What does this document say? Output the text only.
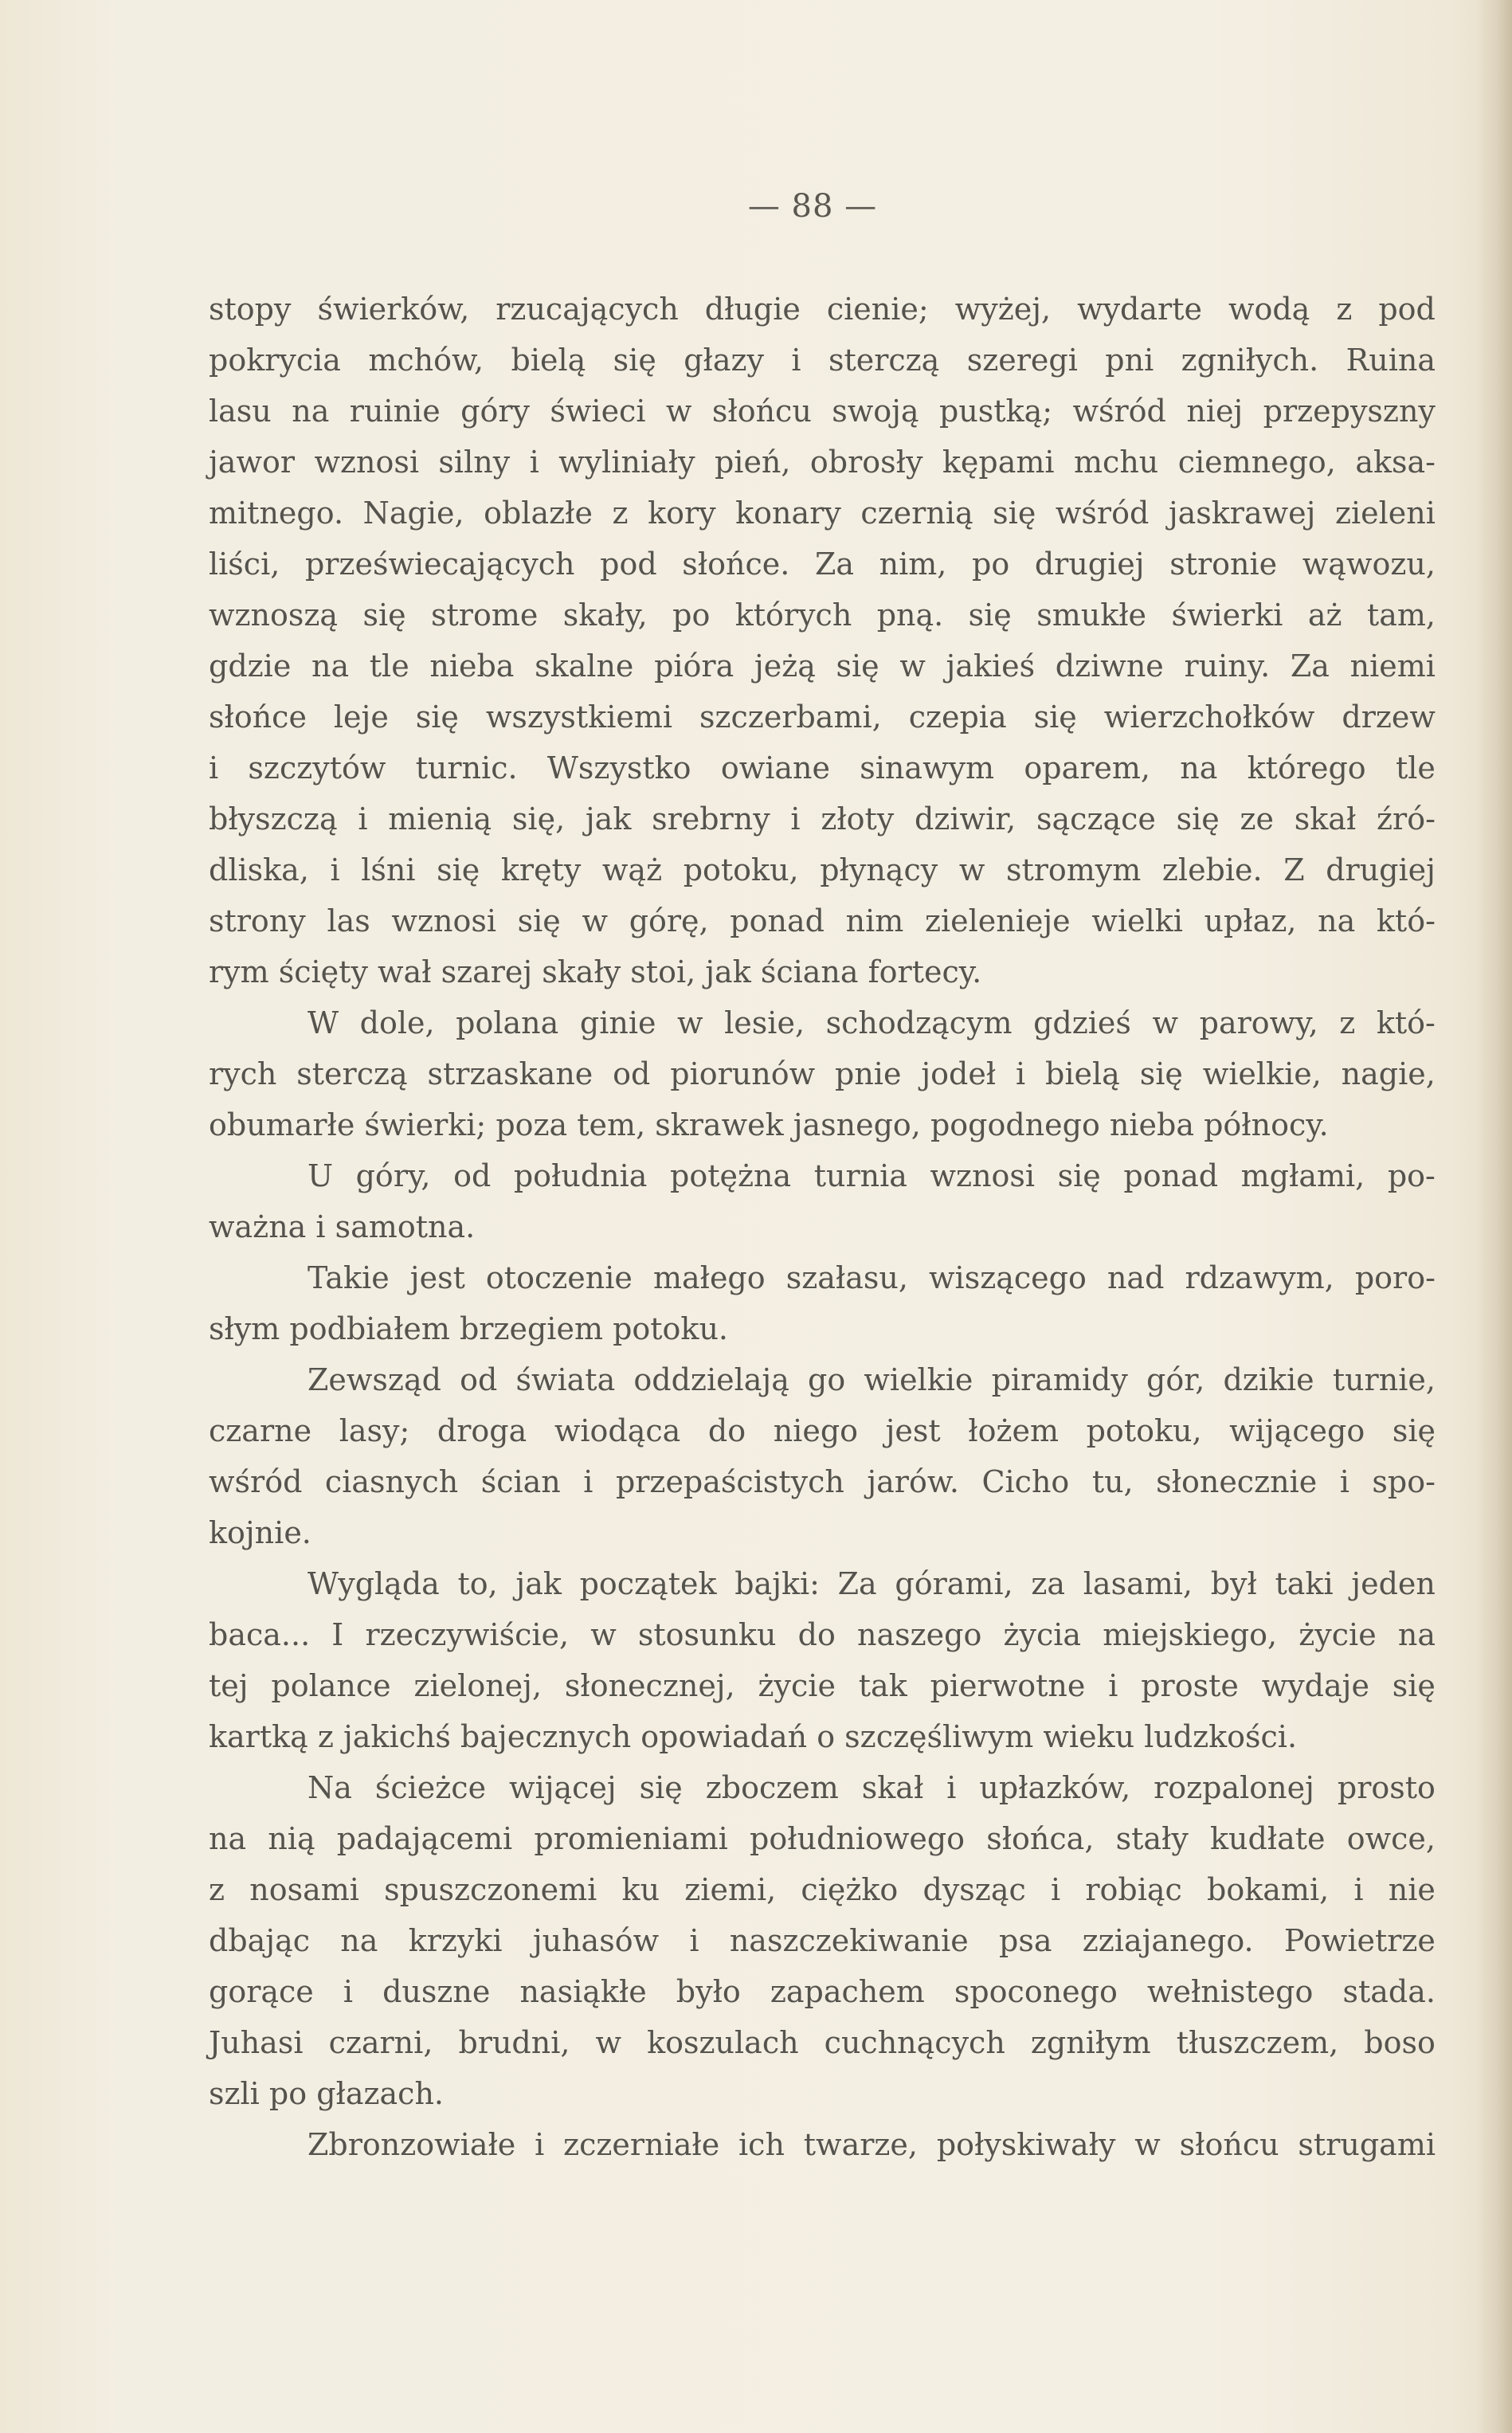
— 88 —

stopy świerków, rzucających długie cienie; wyżej, wydarte wodą z pod
pokrycia mchów, bielą się głazy i sterczą szeregi pni zgniłych. Ruina
lasu na ruinie góry świeci w słońcu swoją pustką; wśród niej przepyszny
jawor wznosi silny i wyliniały pień, obrosły kępami mchu ciemnego, aksa-
mitnego. Nagie, oblazłe z kory konary czernią się wśród jaskrawej zieleni
liści, przeświecających pod słońce. Za nim, po drugiej stronie wąwozu,
wznoszą się strome skały, po których pną. się smukłe świerki aż tam,
gdzie na tle nieba skalne pióra jeżą się w jakieś dziwne ruiny. Za niemi
słońce leje się wszystkiemi szczerbami, czepia się wierzchołków drzew
i szczytów turnic. Wszystko owiane sinawym oparem, na którego tle
błyszczą i mienią się, jak srebrny i złoty dziwir, sączące się ze skał źró-
dliska, i lśni się kręty wąż potoku, płynący w stromym zlebie. Z drugiej
strony las wznosi się w górę, ponad nim zielenieje wielki upłaz, na któ-
rym ścięty wał szarej skały stoi, jak ściana fortecy.
W dole, polana ginie w lesie, schodzącym gdzieś w parowy, z któ-
rych sterczą strzaskane od piorunów pnie jodeł i bielą się wielkie, nagie,
obumarłe świerki; poza tem, skrawek jasnego, pogodnego nieba północy.
U góry, od południa potężna turnia wznosi się ponad mgłami, po-
ważna i samotna.
Takie jest otoczenie małego szałasu, wiszącego nad rdzawym, poro-
słym podbiałem brzegiem potoku.
Zewsząd od świata oddzielają go wielkie piramidy gór, dzikie turnie,
czarne lasy; droga wiodąca do niego jest łożem potoku, wijącego się
wśród ciasnych ścian i przepaścistych jarów. Cicho tu, słonecznie i spo-
kojnie.
Wygląda to, jak początek bajki: Za górami, za lasami, był taki jeden
baca... I rzeczywiście, w stosunku do naszego życia miejskiego, życie na
tej polance zielonej, słonecznej, życie tak pierwotne i proste wydaje się
kartką z jakichś bajecznych opowiadań o szczęśliwym wieku ludzkości.
Na ścieżce wijącej się zboczem skał i upłazków, rozpalonej prosto
na nią padającemi promieniami południowego słońca, stały kudłate owce,
z nosami spuszczonemi ku ziemi, ciężko dysząc i robiąc bokami, i nie
dbając na krzyki juhasów i naszczekiwanie psa zziajanego. Powietrze
gorące i duszne nasiąkłe było zapachem spoconego wełnistego stada.
Juhasi czarni, brudni, w koszulach cuchnących zgniłym tłuszczem, boso
szli po głazach.
Zbronzowiałe i zczerniałe ich twarze, połyskiwały w słońcu strugami
